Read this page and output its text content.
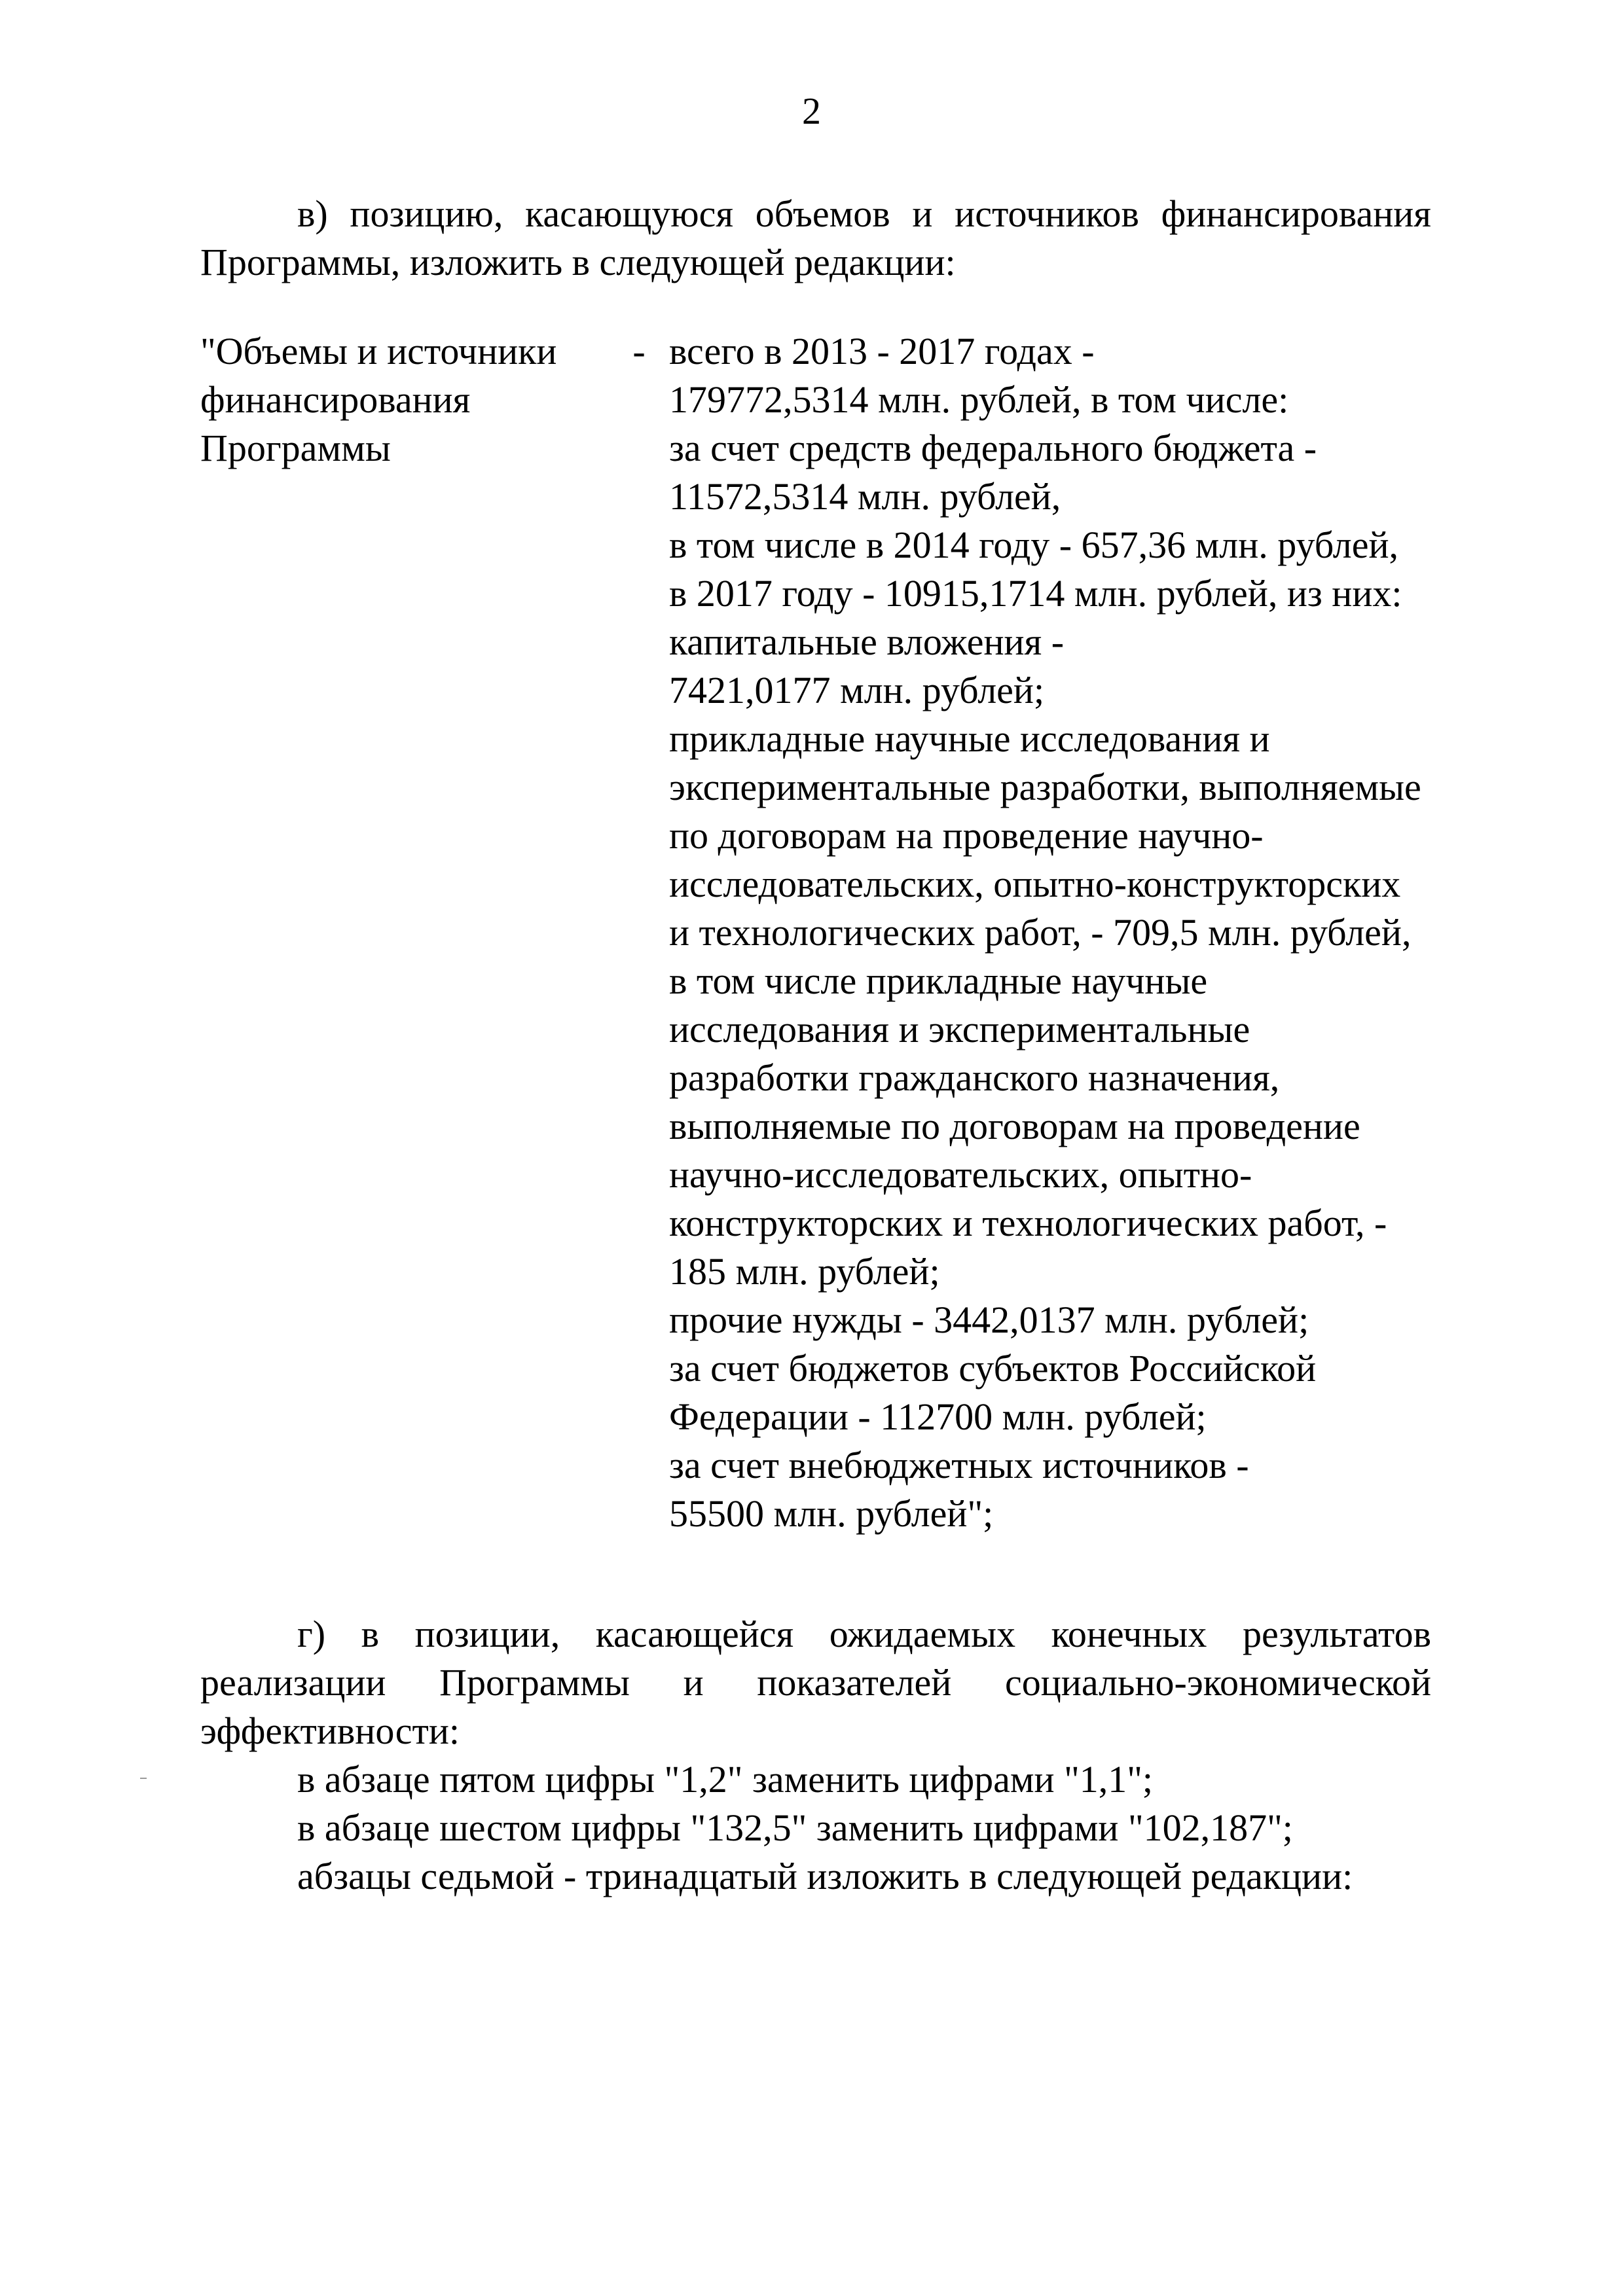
2
в) позицию, касающуюся объемов и источников финансирования
Программы, изложить в следующей редакции:
"Объемы и источники
финансирования
Программы
- всего в 2013 - 2017 годах -
179772,5314 млн. рублей, в том числе:
за счет средств федерального бюджета -
11572,5314 млн. рублей,
в том числе в 2014 году - 657,36 млн. рублей,
в 2017 году - 10915,1714 млн. рублей, из них:
капитальные вложения -
7421,0177 млн. рублей;
прикладные научные исследования и
экспериментальные разработки, выполняемые
по договорам на проведение научно-
исследовательских, опытно-конструкторских
и технологических работ, - 709,5 млн. рублей,
в том числе прикладные научные
исследования и экспериментальные
разработки гражданского назначения,
выполняемые по договорам на проведение
научно-исследовательских, опытно-
конструкторских и технологических работ, -
185 млн. рублей;
прочие нужды - 3442,0137 млн. рублей;
за счет бюджетов субъектов Российской
Федерации - 112700 млн. рублей;
за счет внебюджетных источников -
55500 млн. рублей";
г) в позиции, касающейся ожидаемых конечных результатов
реализации Программы и показателей социально-экономической
эффективности:
в абзаце пятом цифры "1,2" заменить цифрами "1,1";
в абзаце шестом цифры "132,5" заменить цифрами "102,187";
абзацы седьмой - тринадцатый изложить в следующей редакции:
